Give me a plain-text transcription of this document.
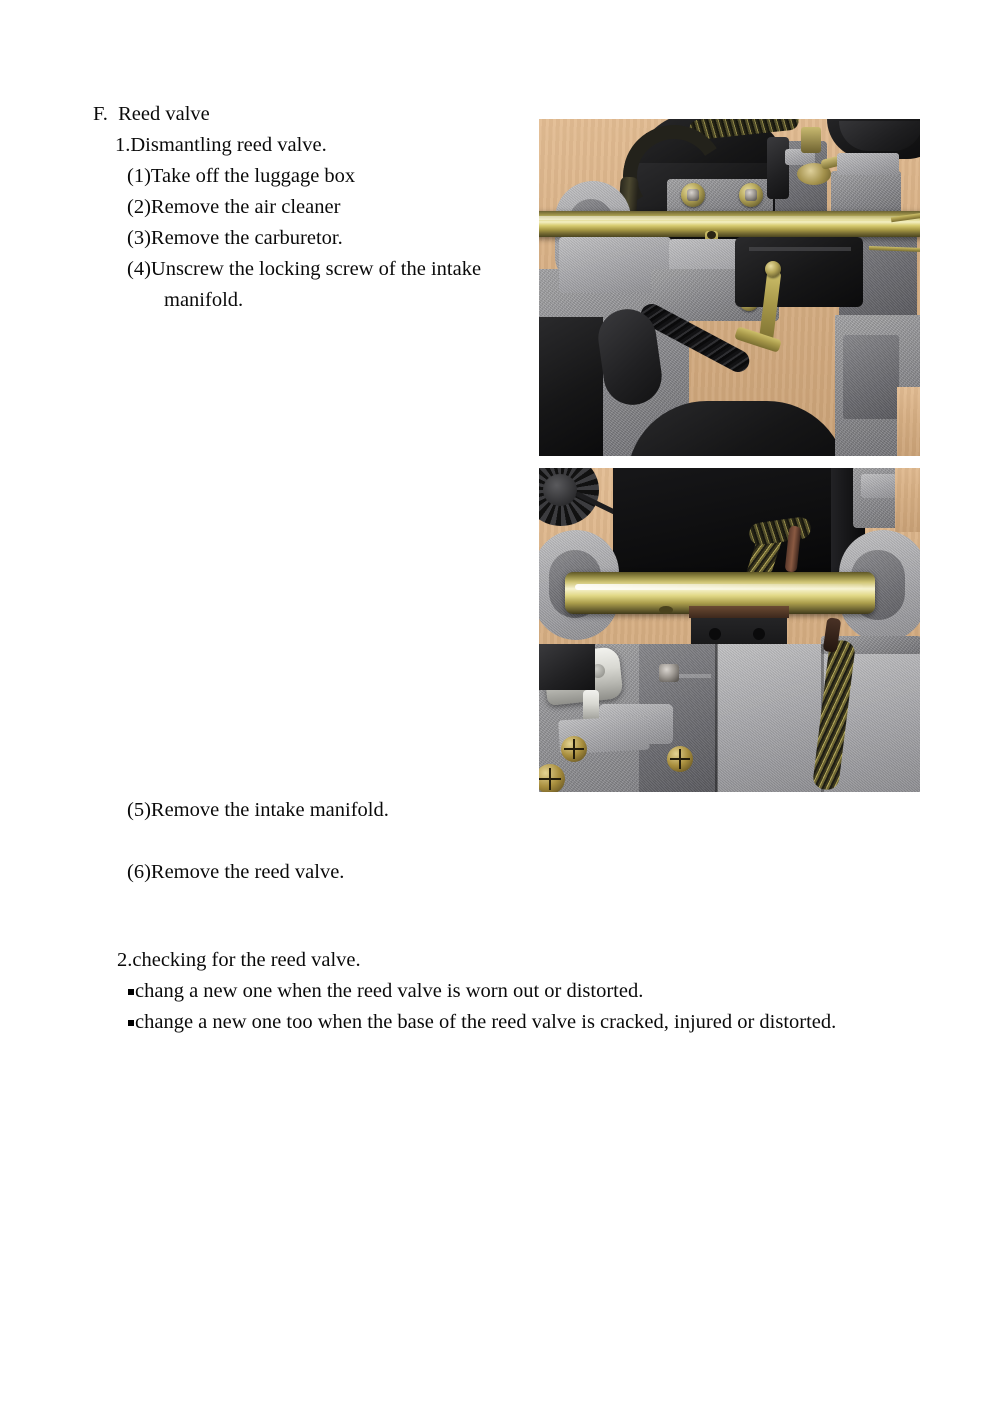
F.  Reed valve
1.Dismantling reed valve.
(1)Take off the luggage box
(2)Remove the air cleaner
(3)Remove the carburetor.
(4)Unscrew the locking screw of the intake
manifold.
(5)Remove the intake manifold.
(6)Remove the reed valve.
2.checking for the reed valve.
chang a new one when the reed valve is worn out or distorted.
change a new one too when the base of the reed valve is cracked, injured or distorted.
